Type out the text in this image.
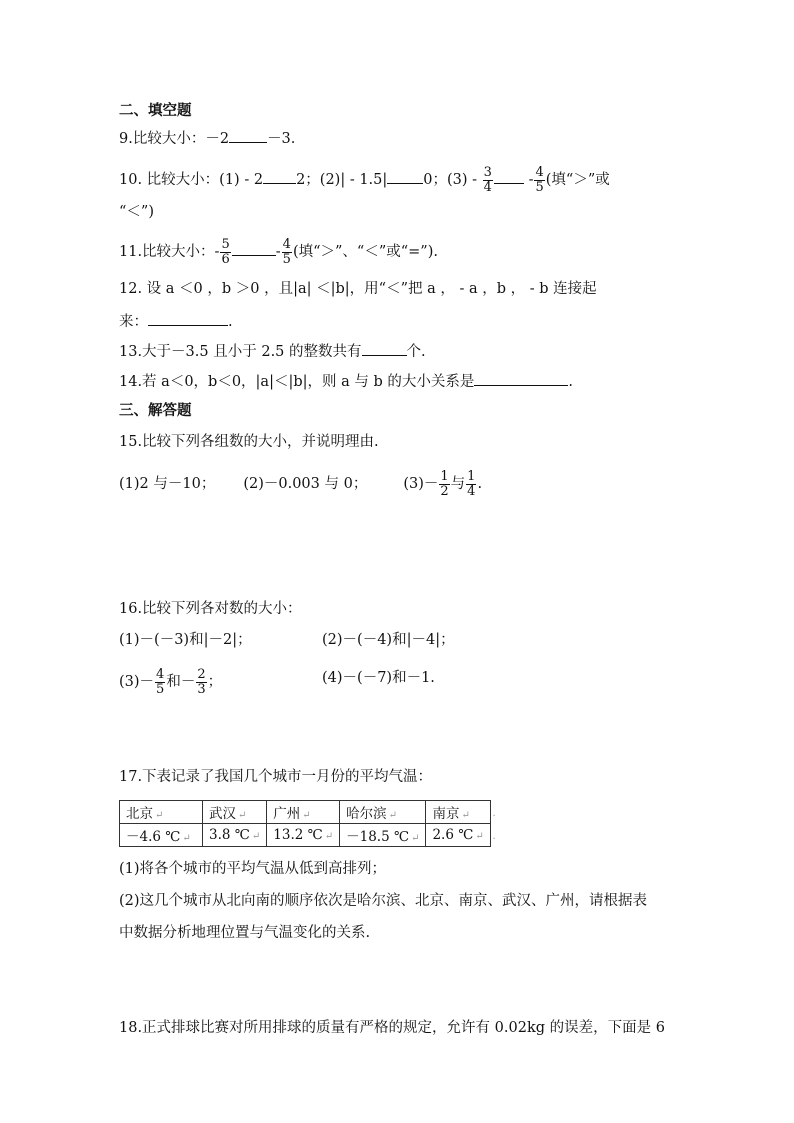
二、填空题
9.比较大小：－2	－3.
10. 比较大小：(1) - 2 2；(2)| - 1.5| 0；$(3) - \frac{3}{4} - \frac{4}{5}$ (填“＞”或
“＜”)
11.比较大小：- $\frac{5}{6}$	- $\frac{4}{5}$ (填“＞”、“＜”或“=”).
12. 设 a ＜0 ，b ＞0 ，且|a| ＜|b|，用“＜”把 a ， - a ，b ， - b 连接起
来：	.
13.大于－3.5 且小于 2.5 的整数共有	个.
14.若 a＜0，b＜0，|a|＜|b|，则 a 与 b 的大小关系是	.
三、解答题
15.比较下列各组数的大小，并说明理由.
(1)2 与－10； (2)－0.003 与 0； $(3)- \frac{1}{2}$ 与 $\frac{1}{4}$ .
16.比较下列各对数的大小：
(1)－(－3)和|－2|；	(2)－(－4)和|－4|；
$(3)- \frac{4}{5}$ 和－ $\frac{2}{3}$ ；	(4)－(－7)和－1.
17.下表记录了我国几个城市一月份的平均气温：
北京 ↵	武汉 ↵	广州 ↵	哈尔滨 ↵	南京 ↵	.
－4.6 ℃ ↵	3.8 ℃ ↵	13.2 ℃ ↵	－18.5 ℃ ↵	2.6 ℃ ↵	.
(1)将各个城市的平均气温从低到高排列；
(2)这几个城市从北向南的顺序依次是哈尔滨、北京、南京、武汉、广州，请根据表
中数据分析地理位置与气温变化的关系.
18.正式排球比赛对所用排球的质量有严格的规定，允许有 0.02kg 的误差，下面是 6
